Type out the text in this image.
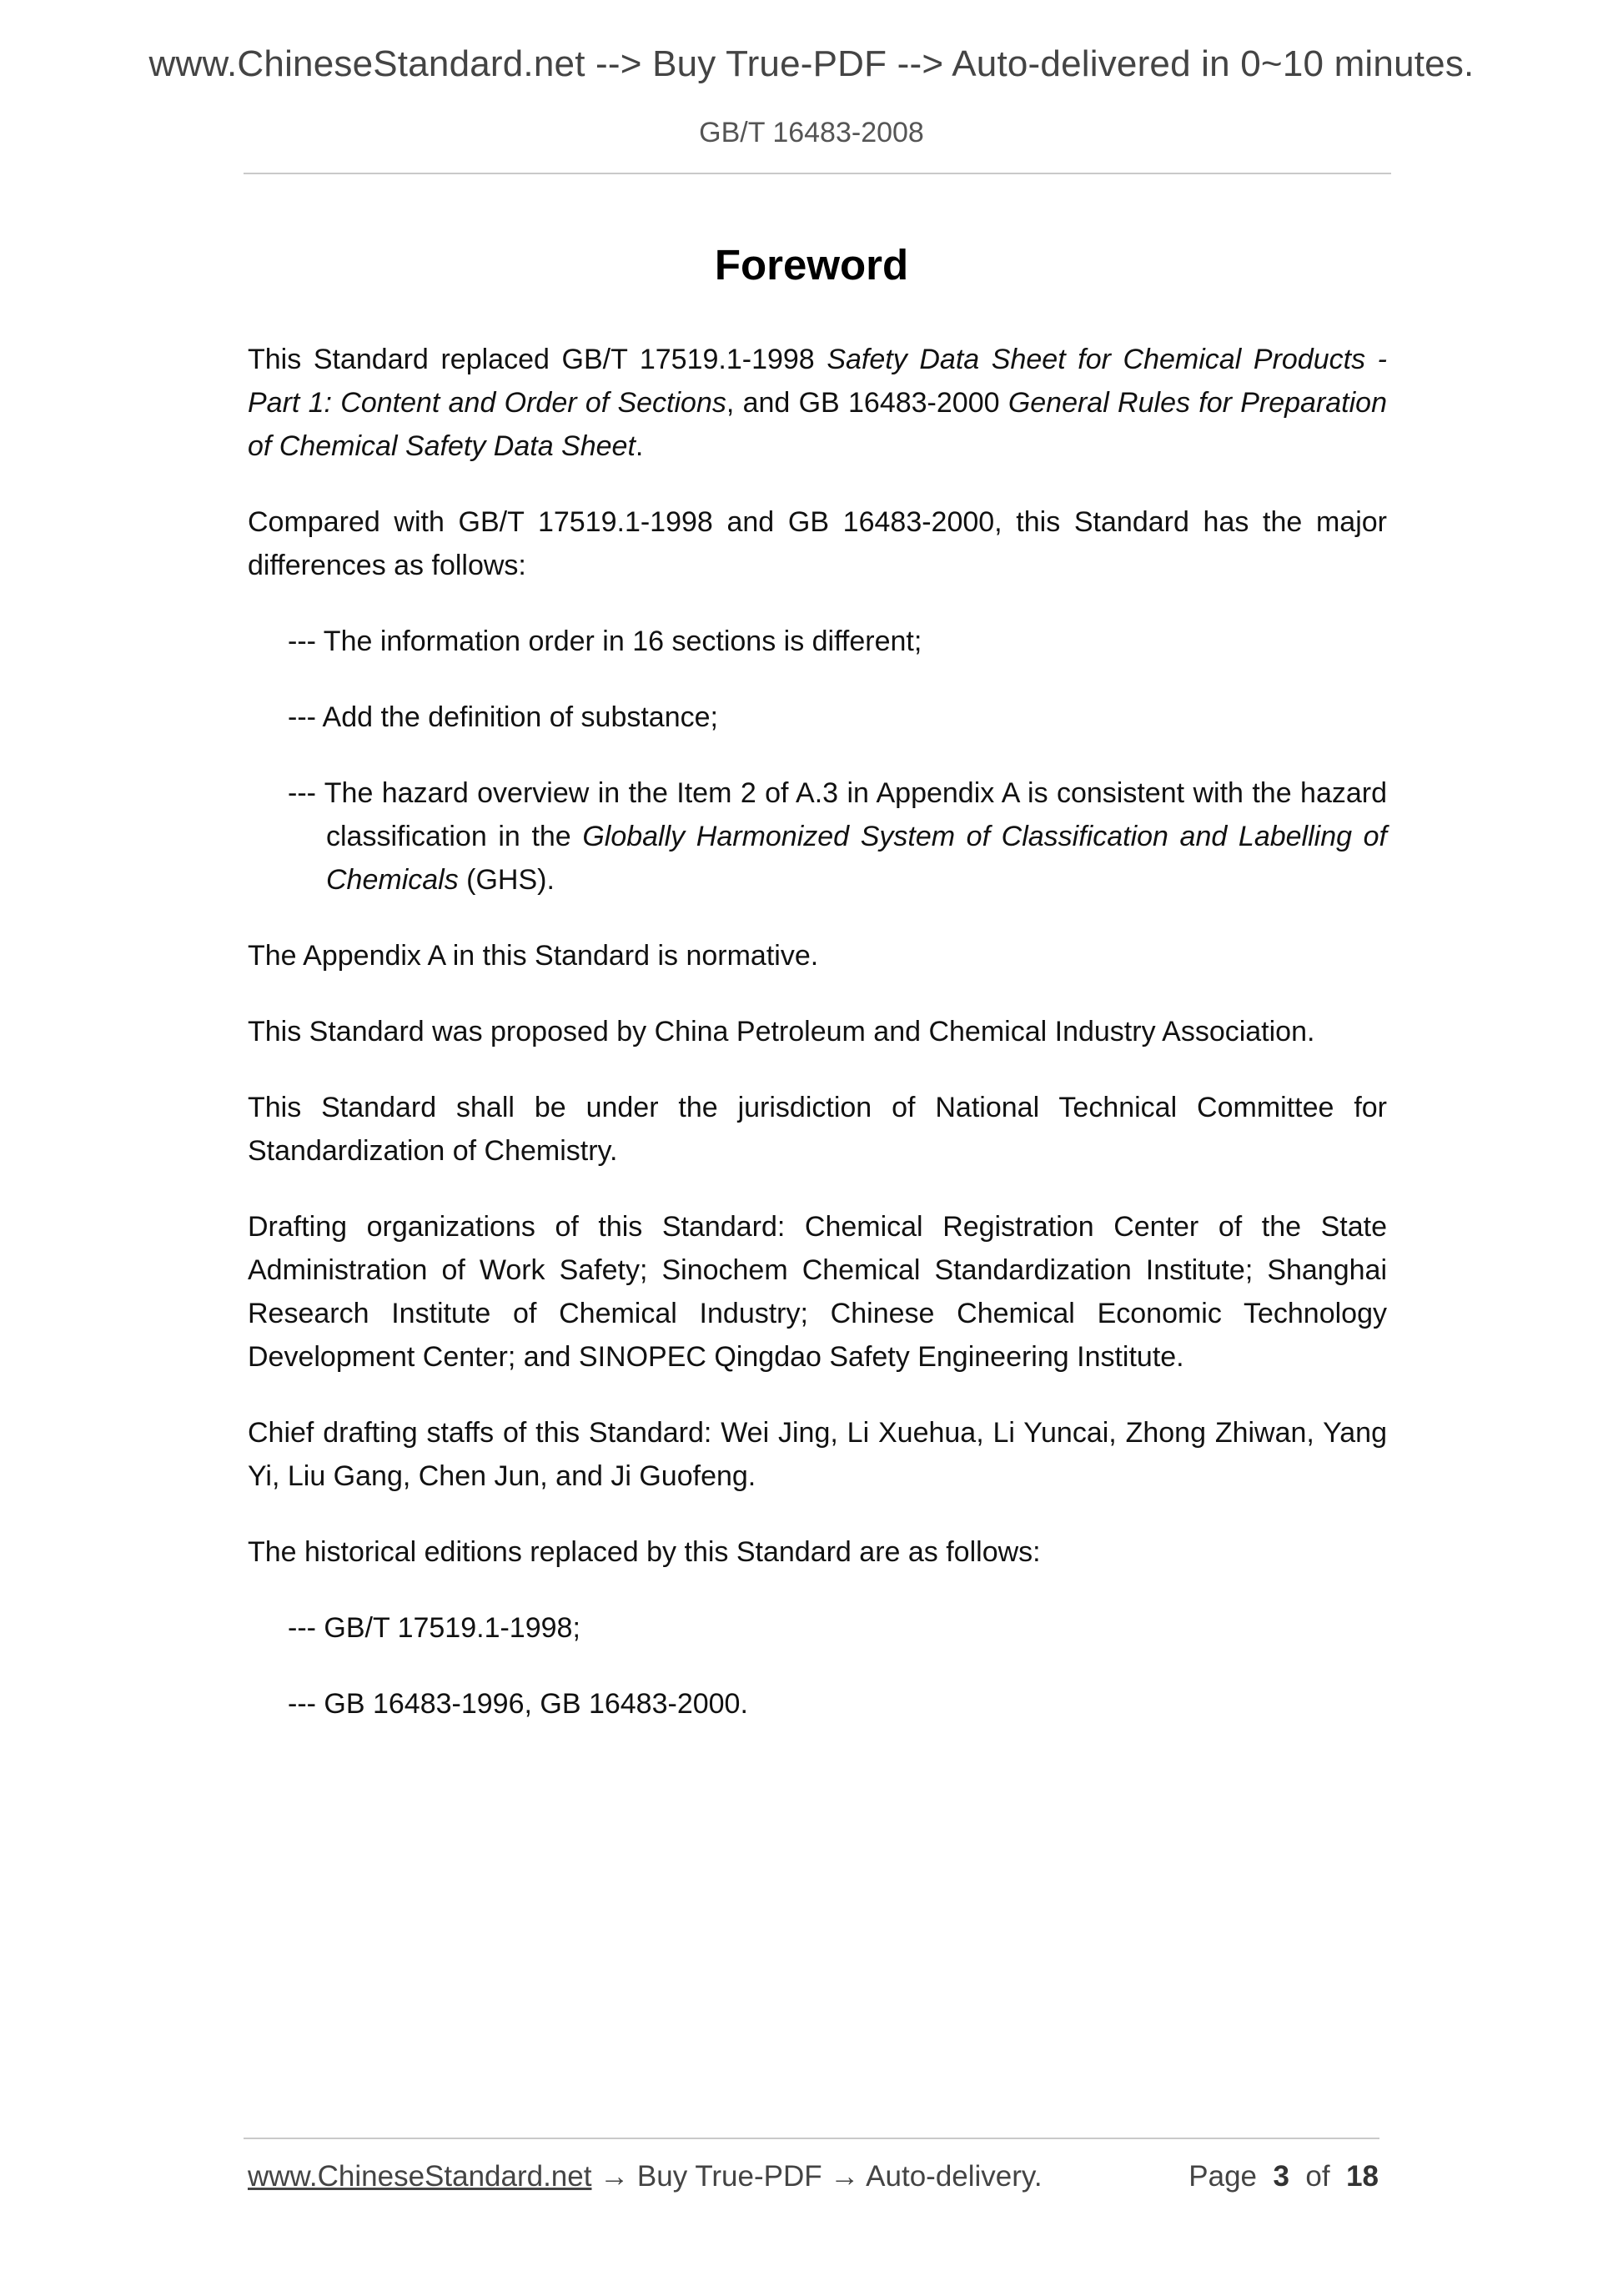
www.ChineseStandard.net --> Buy True-PDF --> Auto-delivered in 0~10 minutes.
GB/T 16483-2008
Foreword

This Standard replaced GB/T 17519.1-1998 Safety Data Sheet for Chemical Products - Part 1: Content and Order of Sections, and GB 16483-2000 General Rules for Preparation of Chemical Safety Data Sheet.

Compared with GB/T 17519.1-1998 and GB 16483-2000, this Standard has the major differences as follows:

--- The information order in 16 sections is different;

--- Add the definition of substance;

--- The hazard overview in the Item 2 of A.3 in Appendix A is consistent with the hazard classification in the Globally Harmonized System of Classification and Labelling of Chemicals (GHS).

The Appendix A in this Standard is normative.

This Standard was proposed by China Petroleum and Chemical Industry Association.

This Standard shall be under the jurisdiction of National Technical Committee for Standardization of Chemistry.

Drafting organizations of this Standard: Chemical Registration Center of the State Administration of Work Safety; Sinochem Chemical Standardization Institute; Shanghai Research Institute of Chemical Industry; Chinese Chemical Economic Technology Development Center; and SINOPEC Qingdao Safety Engineering Institute.

Chief drafting staffs of this Standard: Wei Jing, Li Xuehua, Li Yuncai, Zhong Zhiwan, Yang Yi, Liu Gang, Chen Jun, and Ji Guofeng.

The historical editions replaced by this Standard are as follows:

--- GB/T 17519.1-1998;

--- GB 16483-1996, GB 16483-2000.

www.ChineseStandard.net → Buy True-PDF → Auto-delivery.	Page 3 of 18
